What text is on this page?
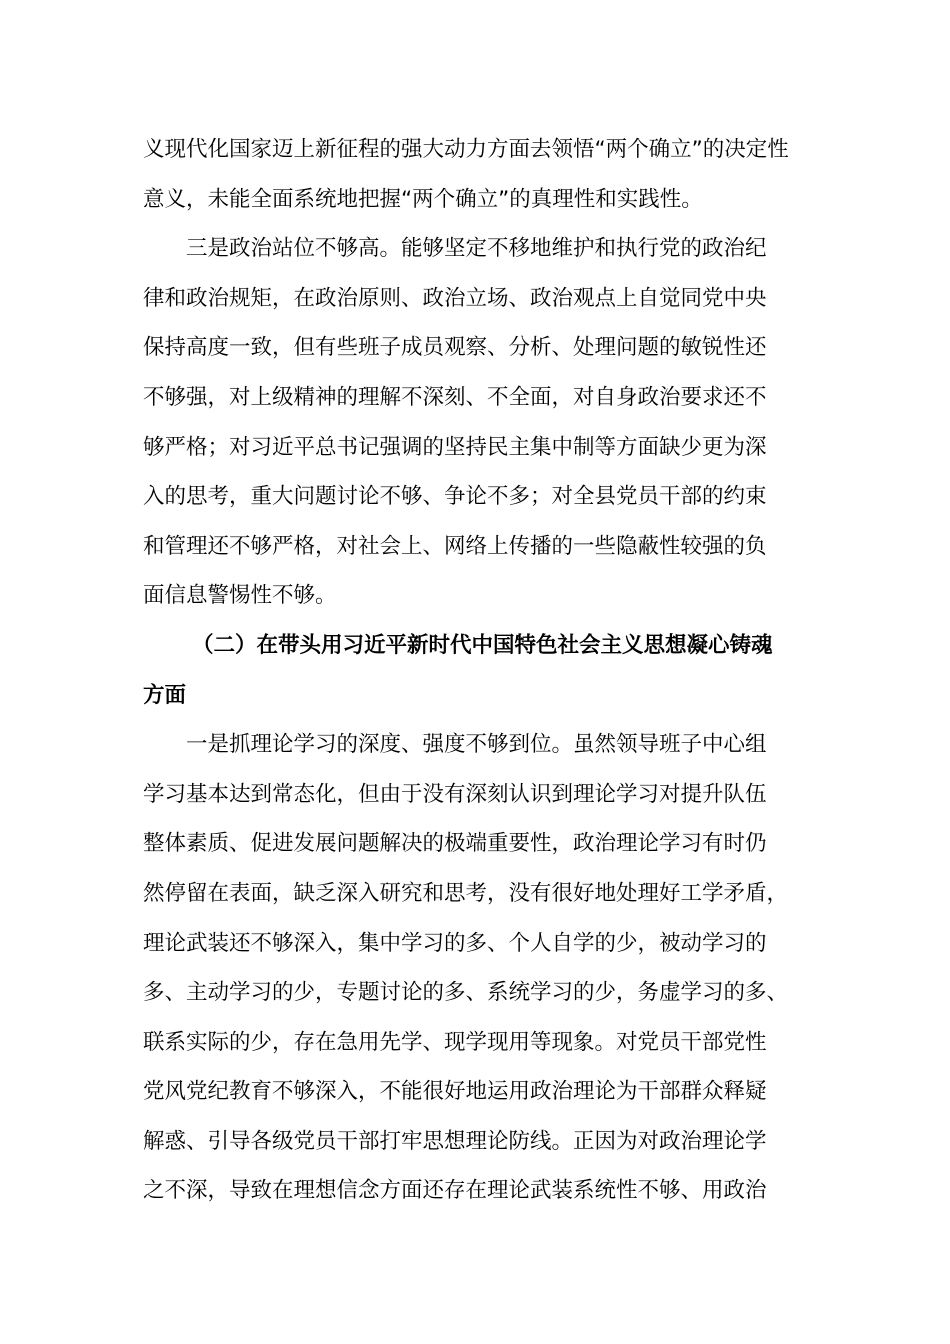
义现代化国家迈上新征程的强大动力方面去领悟“两个确立”的决定性
意义，未能全面系统地把握“两个确立”的真理性和实践性。
三是政治站位不够高。能够坚定不移地维护和执行党的政治纪
律和政治规矩，在政治原则、政治立场、政治观点上自觉同党中央
保持高度一致，但有些班子成员观察、分析、处理问题的敏锐性还
不够强，对上级精神的理解不深刻、不全面，对自身政治要求还不
够严格；对习近平总书记强调的坚持民主集中制等方面缺少更为深
入的思考，重大问题讨论不够、争论不多；对全县党员干部的约束
和管理还不够严格，对社会上、网络上传播的一些隐蔽性较强的负
面信息警惕性不够。
（二）在带头用习近平新时代中国特色社会主义思想凝心铸魂
方面
一是抓理论学习的深度、强度不够到位。虽然领导班子中心组
学习基本达到常态化，但由于没有深刻认识到理论学习对提升队伍
整体素质、促进发展问题解决的极端重要性，政治理论学习有时仍
然停留在表面，缺乏深入研究和思考，没有很好地处理好工学矛盾，
理论武装还不够深入，集中学习的多、个人自学的少，被动学习的
多、主动学习的少，专题讨论的多、系统学习的少，务虚学习的多、
联系实际的少，存在急用先学、现学现用等现象。对党员干部党性
党风党纪教育不够深入，不能很好地运用政治理论为干部群众释疑
解惑、引导各级党员干部打牢思想理论防线。正因为对政治理论学
之不深，导致在理想信念方面还存在理论武装系统性不够、用政治
